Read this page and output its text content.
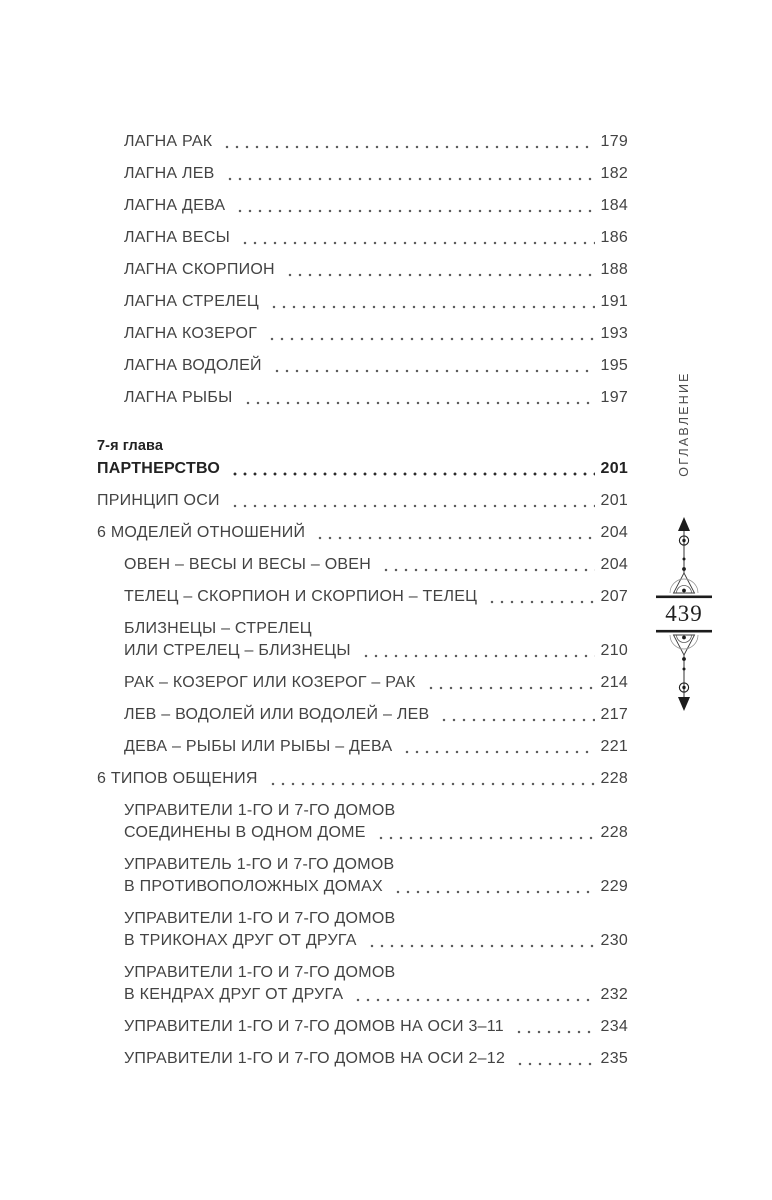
ЛАГНА РАК	179
ЛАГНА ЛЕВ	182
ЛАГНА ДЕВА	184
ЛАГНА ВЕСЫ	186
ЛАГНА СКОРПИОН	188
ЛАГНА СТРЕЛЕЦ	191
ЛАГНА КОЗЕРОГ	193
ЛАГНА ВОДОЛЕЙ	195
ЛАГНА РЫБЫ	197
7-я глава
ПАРТНЕРСТВО	201
ПРИНЦИП ОСИ	201
6 МОДЕЛЕЙ ОТНОШЕНИЙ	204
ОВЕН – ВЕСЫ И ВЕСЫ – ОВЕН	204
ТЕЛЕЦ – СКОРПИОН И СКОРПИОН – ТЕЛЕЦ	207
БЛИЗНЕЦЫ – СТРЕЛЕЦ
ИЛИ СТРЕЛЕЦ – БЛИЗНЕЦЫ	210
РАК – КОЗЕРОГ ИЛИ КОЗЕРОГ – РАК	214
ЛЕВ – ВОДОЛЕЙ ИЛИ ВОДОЛЕЙ – ЛЕВ	217
ДЕВА – РЫБЫ ИЛИ РЫБЫ – ДЕВА	221
6 ТИПОВ ОБЩЕНИЯ	228
УПРАВИТЕЛИ 1-ГО И 7-ГО ДОМОВ
СОЕДИНЕНЫ В ОДНОМ ДОМЕ	228
УПРАВИТЕЛЬ 1-ГО И 7-ГО ДОМОВ
В ПРОТИВОПОЛОЖНЫХ ДОМАХ	229
УПРАВИТЕЛИ 1-ГО И 7-ГО ДОМОВ
В ТРИКОНАХ ДРУГ ОТ ДРУГА	230
УПРАВИТЕЛИ 1-ГО И 7-ГО ДОМОВ
В КЕНДРАХ ДРУГ ОТ ДРУГА	232
УПРАВИТЕЛИ 1-ГО И 7-ГО ДОМОВ НА ОСИ 3–11	234
УПРАВИТЕЛИ 1-ГО И 7-ГО ДОМОВ НА ОСИ 2–12	235
ОГЛАВЛЕНИЕ
439
